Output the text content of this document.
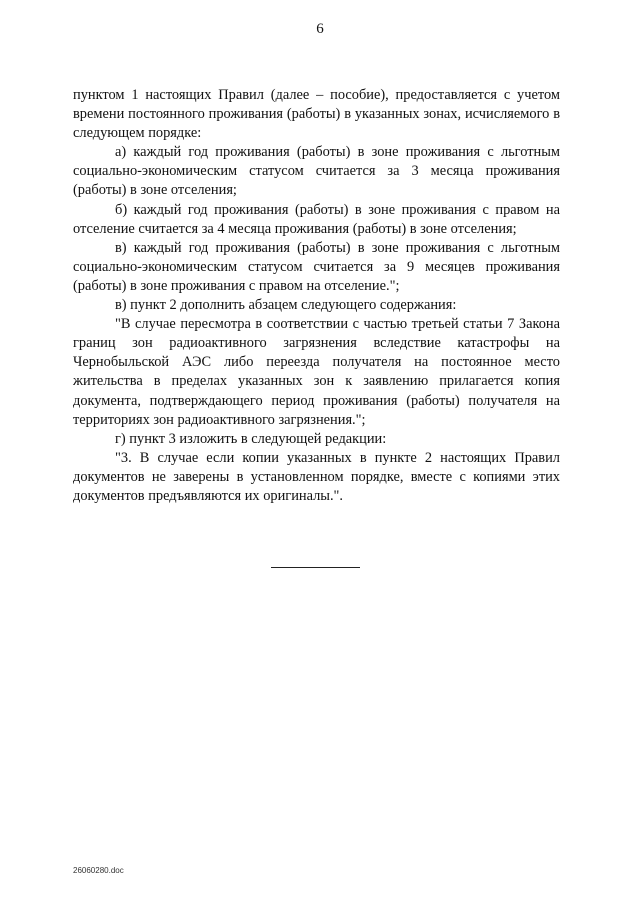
6

пунктом 1 настоящих Правил (далее – пособие), предоставляется с учетом времени постоянного проживания (работы) в указанных зонах, исчисляемого в следующем порядке:

а) каждый год проживания (работы) в зоне проживания с льготным социально-экономическим статусом считается за 3 месяца проживания (работы) в зоне отселения;

б) каждый год проживания (работы) в зоне проживания с правом на отселение считается за 4 месяца проживания (работы) в зоне отселения;

в) каждый год проживания (работы) в зоне проживания с льготным социально-экономическим статусом считается за 9 месяцев проживания (работы) в зоне проживания с правом на отселение.";

в) пункт 2 дополнить абзацем следующего содержания:

"В случае пересмотра в соответствии с частью третьей статьи 7 Закона границ зон радиоактивного загрязнения вследствие катастрофы на Чернобыльской АЭС либо переезда получателя на постоянное место жительства в пределах указанных зон к заявлению прилагается копия документа, подтверждающего период проживания (работы) получателя на территориях зон радиоактивного загрязнения.";

г) пункт 3 изложить в следующей редакции:

"3. В случае если копии указанных в пункте 2 настоящих Правил документов не заверены в установленном порядке, вместе с копиями этих документов предъявляются их оригиналы.".

26060280.doc
